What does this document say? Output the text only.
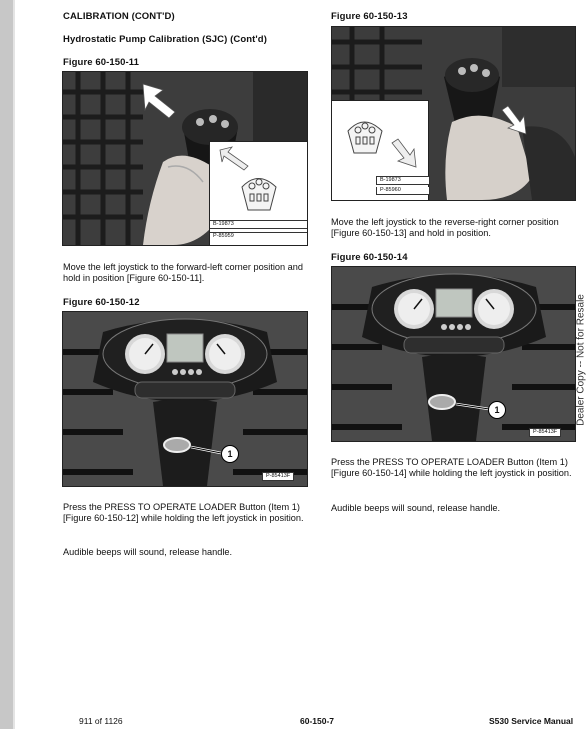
CALIBRATION (CONT'D)

Hydrostatic Pump Calibration (SJC) (Cont'd)

Figure 60-150-11

B-19873
P-85959

Move the left joystick to the forward-left corner position and hold in position [Figure 60-150-11].

Figure 60-150-12

1
P-85413F

Press the PRESS TO OPERATE LOADER Button (Item 1) [Figure 60-150-12] while holding the left joystick in position.

Audible beeps will sound, release handle.

Figure 60-150-13

B-19873
P-85960

Move the left joystick to the reverse-right corner position [Figure 60-150-13] and hold in position.

Figure 60-150-14

1
P-85413F

Press the PRESS TO OPERATE LOADER Button (Item 1) [Figure 60-150-14] while holding the left joystick in position.

Audible beeps will sound, release handle.

Dealer Copy -- Not for Resale
911 of 1126	60-150-7	S530 Service Manual
